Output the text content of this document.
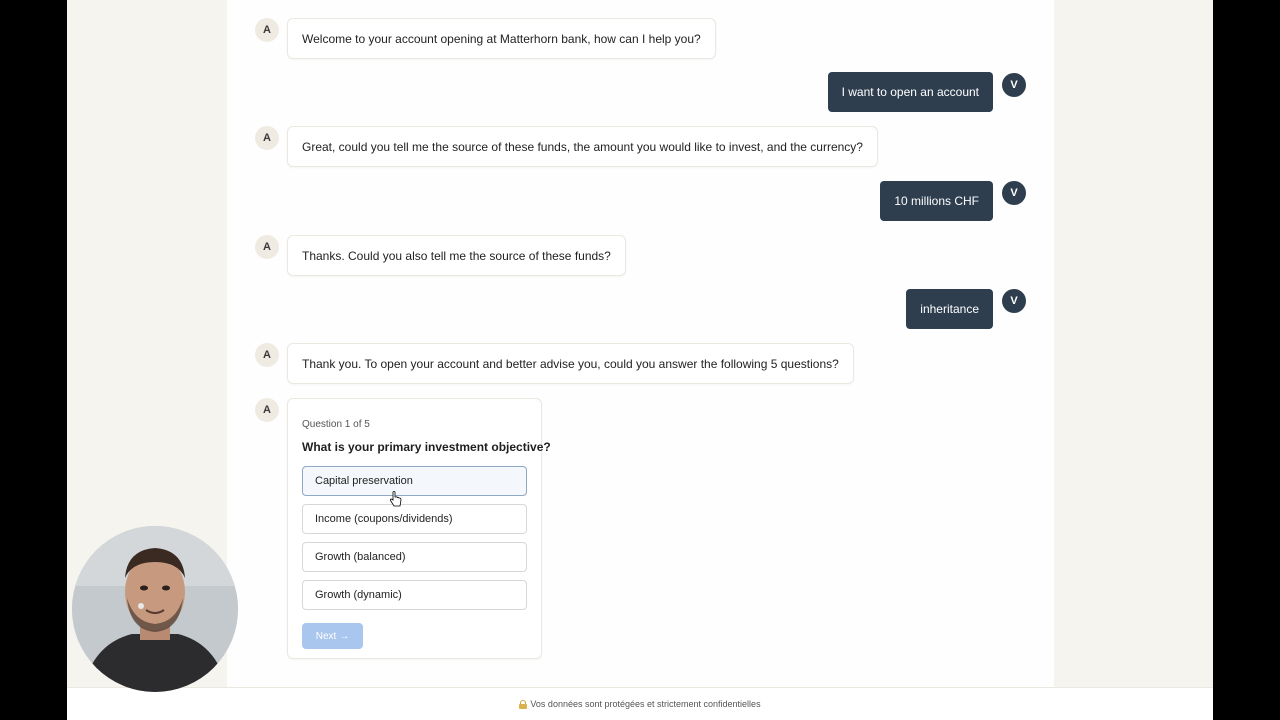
A
Welcome to your account opening at Matterhorn bank, how can I help you?
I want to open an account	V
A
Great, could you tell me the source of these funds, the amount you would like to invest, and the currency?
10 millions CHF
V
A
Thanks. Could you also tell me the source of these funds?
inheritance
V
A
Thank you. To open your account and better advise you, could you answer the following 5 questions?
A
Question 1 of 5
What is your primary investment objective?
Capital preservation
Income (coupons/dividends)
Growth (balanced)
Growth (dynamic)
Next →
Vos données sont protégées et strictement confidentielles
